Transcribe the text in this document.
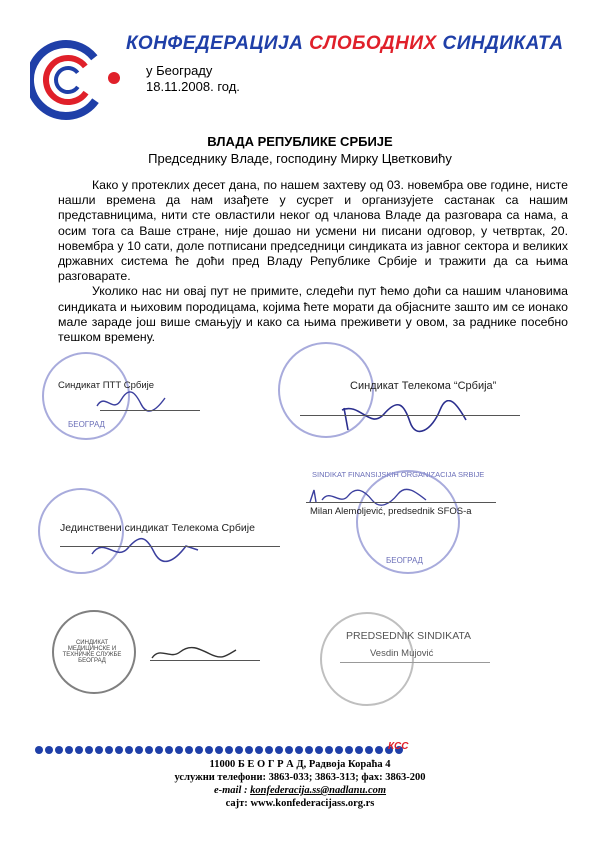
КОНФЕДЕРАЦИЈА СЛОБОДНИХ СИНДИКАТА
у Београду
18.11.2008. год.
ВЛАДА РЕПУБЛИКЕ СРБИЈЕ
Председнику Владе, господину Мирку Цветковићу

Како у протеклих десет дана, по нашем захтеву од 03. новембра ове године, нисте нашли времена да нам изађете у сусрет и организујете састанак са нашим представницима, нити сте овластили неког од чланова Владе да разговара са нама, а осим тога са Ваше стране, није дошао ни усмени ни писани одговор, у четвртак, 20. новембра у 10 сати, доле потписани председници синдиката из јавног сектора и великих државних система ће доћи пред Владу Републике Србије и тражити да са њима разговарате.

Уколико нас ни овај пут не примите, следећи пут ћемо доћи са нашим члановима синдиката и њиховим породицама, којима ћете морати да објасните зашто им се ионако мале зараде још више смањују и како са њима преживети у овом, за раднике посебно тешком времену.

Синдикат ПТТ Србије
БЕОГРАД
Синдикат Телекома “Србија”
Јединствени синдикат Телекома Србије
SINDIKAT FINANSIJSKIH ORGANIZACIJA SRBIJE
Milan Alemoljević, predsednik SFOS-a
БЕОГРАД
СИНДИКАТ МЕДИЦИНСКЕ И ТЕХНИЧКЕ СЛУЖБЕ БЕОГРАД
PREDSEDNIK SINDIKATA
Vesdin Mujović
КСС
11000 Б Е О Г Р А Д, Радвоја Кораћа 4
услужни телефони: 3863-033; 3863-313; фах: 3863-200
e-mail : konfederacija.ss@nadlanu.com
сајт: www.konfederacijass.org.rs
